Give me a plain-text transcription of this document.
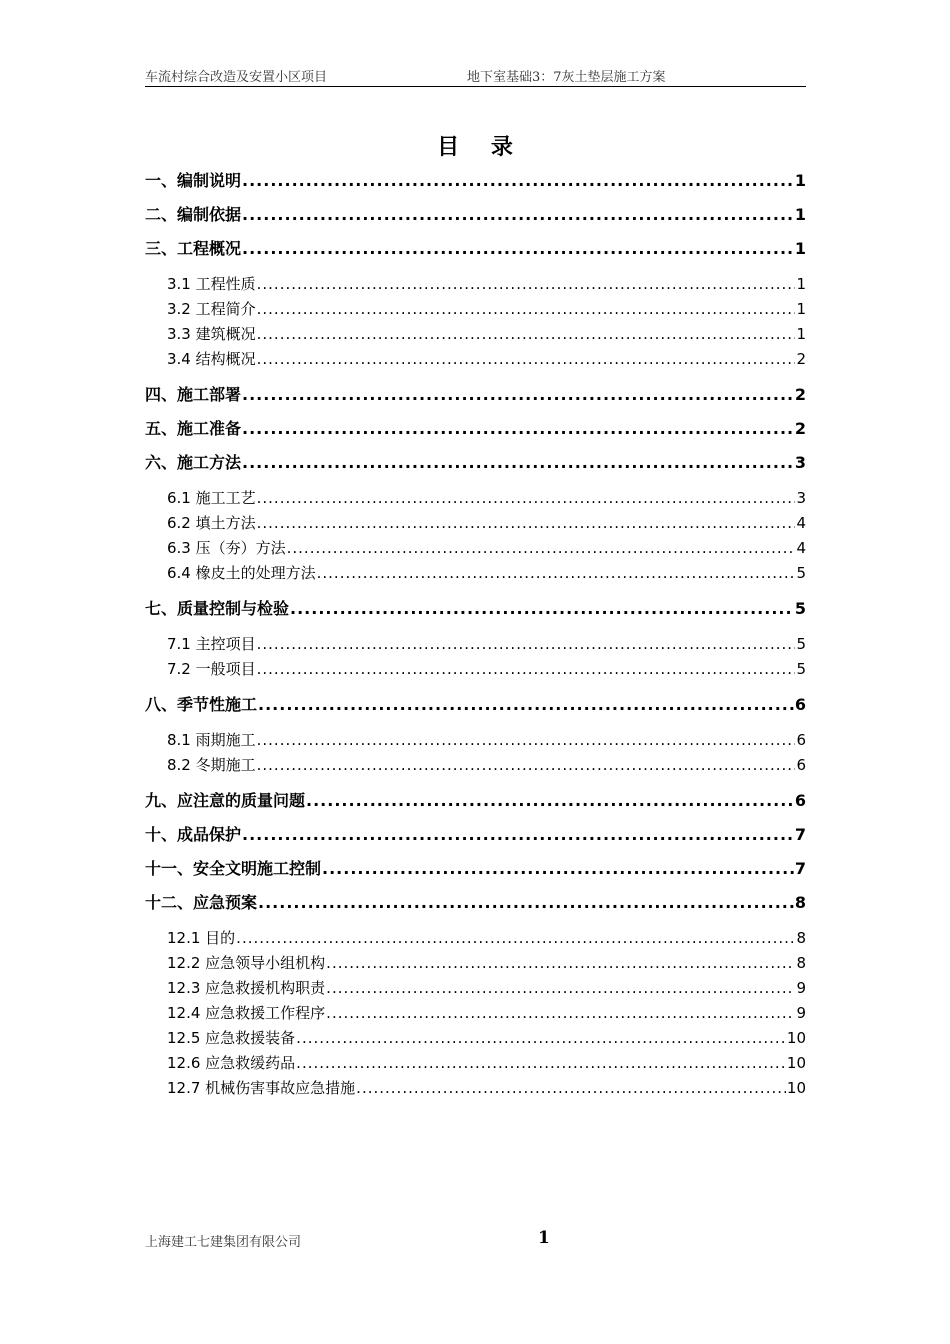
车流村综合改造及安置小区项目	地下室基础3：7灰土垫层施工方案
目 录
一、编制说明 .....	1
二、编制依据 .....	1
三、工程概况 .....	1
3.1 工程性质 .....	1
3.2 工程简介 .....	1
3.3 建筑概况 .....	1
3.4 结构概况 .....	2
四、施工部署 .....	2
五、施工准备 .....	2
六、施工方法 .....	3
6.1 施工工艺 .....	3
6.2 填土方法 .....	4
6.3 压（夯）方法 .....	4
6.4 橡皮土的处理方法 .....	5
七、质量控制与检验 .....	5
7.1 主控项目 .....	5
7.2 一般项目 .....	5
八、季节性施工 .....	6
8.1 雨期施工 .....	6
8.2 冬期施工 .....	6
九、应注意的质量问题 .....	6
十、成品保护 .....	7
十一、安全文明施工控制 .....	7
十二、应急预案 .....	8
12.1 目的 .....	8
12.2 应急领导小组机构 .....	8
12.3 应急救援机构职责 .....	9
12.4 应急救援工作程序 .....	9
12.5 应急救援装备 .....	10
12.6 应急救缓药品 .....	10
12.7 机械伤害事故应急措施 .....	10
上海建工七建集团有限公司	1
